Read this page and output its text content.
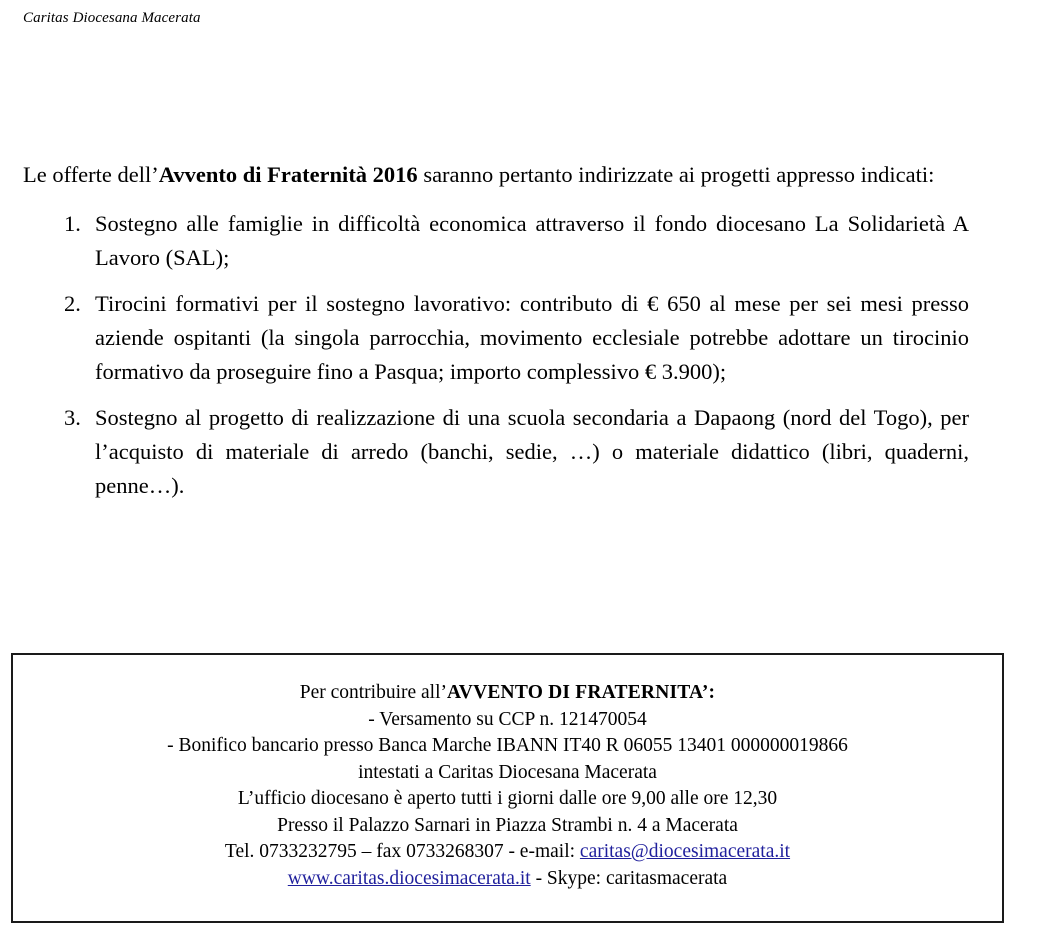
Caritas Diocesana Macerata

Le offerte dell’Avvento di Fraternità 2016 saranno pertanto indirizzate ai progetti appresso indicati:

1. Sostegno alle famiglie in difficoltà economica attraverso il fondo diocesano La Solidarietà A Lavoro (SAL);
2. Tirocini formativi per il sostegno lavorativo: contributo di € 650 al mese per sei mesi presso aziende ospitanti (la singola parrocchia, movimento ecclesiale potrebbe adottare un tirocinio formativo da proseguire fino a Pasqua; importo complessivo € 3.900);
3. Sostegno al progetto di realizzazione di una scuola secondaria a Dapaong (nord del Togo), per l’acquisto di materiale di arredo (banchi, sedie, …) o materiale didattico (libri, quaderni, penne…).
Per contribuire all’AVVENTO DI FRATERNITA’:
- Versamento su CCP n. 121470054
- Bonifico bancario presso Banca Marche IBANN IT40 R 06055 13401 000000019866
intestati a Caritas Diocesana Macerata
L’ufficio diocesano è aperto tutti i giorni dalle ore 9,00 alle ore 12,30
Presso il Palazzo Sarnari in Piazza Strambi n. 4 a Macerata
Tel. 0733232795 – fax 0733268307 - e-mail: caritas@diocesimacerata.it
www.caritas.diocesimacerata.it - Skype: caritasmacerata
